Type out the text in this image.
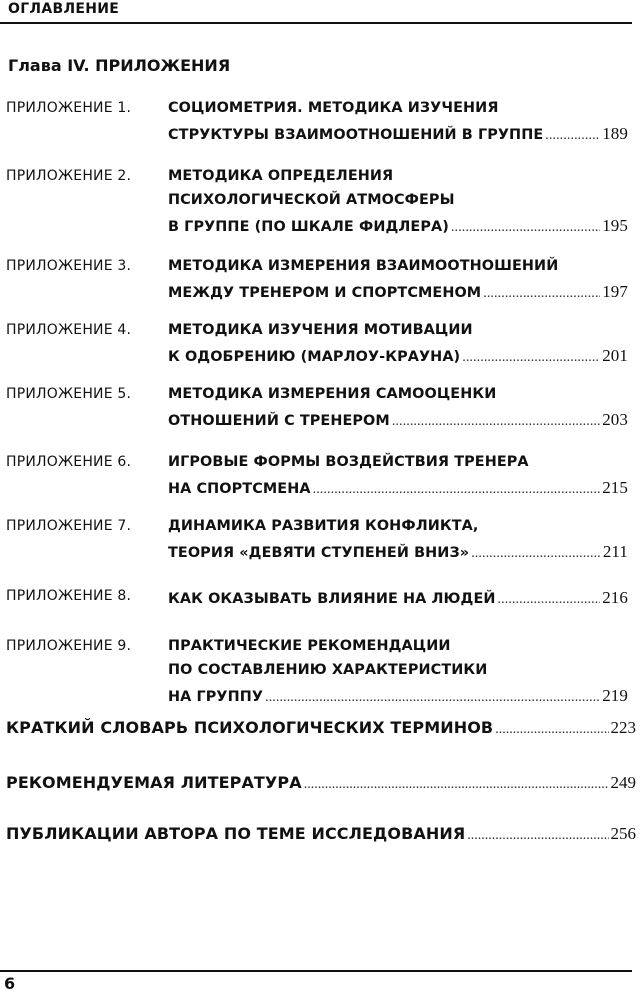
ОГЛАВЛЕНИЕ
Глава IV. ПРИЛОЖЕНИЯ
ПРИЛОЖЕНИЕ 1.	СОЦИОМЕТРИЯ. МЕТОДИКА ИЗУЧЕНИЯ
СТРУКТУРЫ ВЗАИМООТНОШЕНИЙ В ГРУППЕ .....	189
ПРИЛОЖЕНИЕ 2.	МЕТОДИКА ОПРЕДЕЛЕНИЯ
ПСИХОЛОГИЧЕСКОЙ АТМОСФЕРЫ
В ГРУППЕ (ПО ШКАЛЕ ФИДЛЕРА) .....	195
ПРИЛОЖЕНИЕ 3.	МЕТОДИКА ИЗМЕРЕНИЯ ВЗАИМООТНОШЕНИЙ
МЕЖДУ ТРЕНЕРОМ И СПОРТСМЕНОМ .....	197
ПРИЛОЖЕНИЕ 4.	МЕТОДИКА ИЗУЧЕНИЯ МОТИВАЦИИ
К ОДОБРЕНИЮ (МАРЛОУ-КРАУНА) .....	201
ПРИЛОЖЕНИЕ 5.	МЕТОДИКА ИЗМЕРЕНИЯ САМООЦЕНКИ
ОТНОШЕНИЙ С ТРЕНЕРОМ .....	203
ПРИЛОЖЕНИЕ 6.	ИГРОВЫЕ ФОРМЫ ВОЗДЕЙСТВИЯ ТРЕНЕРА
НА СПОРТСМЕНА .....	215
ПРИЛОЖЕНИЕ 7.	ДИНАМИКА РАЗВИТИЯ КОНФЛИКТА,
ТЕОРИЯ «ДЕВЯТИ СТУПЕНЕЙ ВНИЗ» .....	211
ПРИЛОЖЕНИЕ 8.	КАК ОКАЗЫВАТЬ ВЛИЯНИЕ НА ЛЮДЕЙ .....	216
ПРИЛОЖЕНИЕ 9.	ПРАКТИЧЕСКИЕ РЕКОМЕНДАЦИИ
ПО СОСТАВЛЕНИЮ ХАРАКТЕРИСТИКИ
НА ГРУППУ .....	219
КРАТКИЙ СЛОВАРЬ ПСИХОЛОГИЧЕСКИХ ТЕРМИНОВ .....	223
РЕКОМЕНДУЕМАЯ ЛИТЕРАТУРА .....	249
ПУБЛИКАЦИИ АВТОРА ПО ТЕМЕ ИССЛЕДОВАНИЯ .....	256
6
